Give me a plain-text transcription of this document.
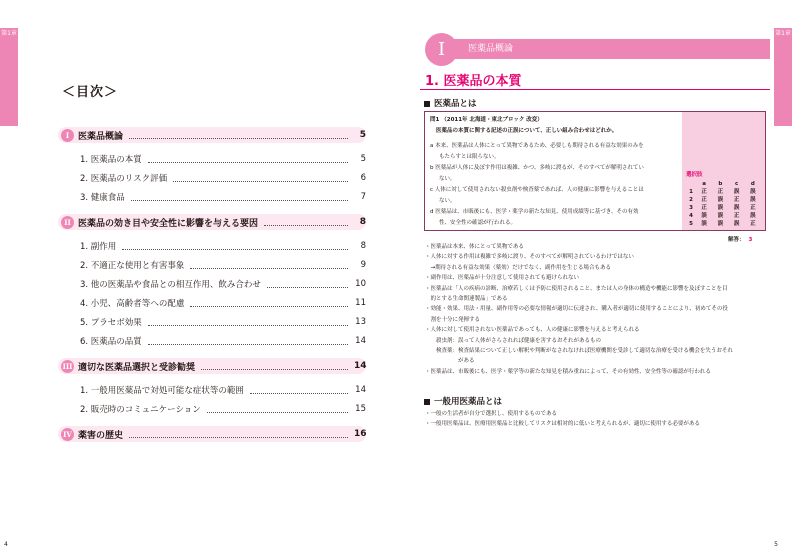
第1章
＜目次＞
I 医薬品概論	5
1. 医薬品の本質	5
2. 医薬品のリスク評価	6
3. 健康食品	7
II 医薬品の効き目や安全性に影響を与える要因	8
1. 副作用	8
2. 不適正な使用と有害事象	9
3. 他の医薬品や食品との相互作用、飲み合わせ	10
4. 小児、高齢者等への配慮	11
5. プラセボ効果	13
6. 医薬品の品質	14
III 適切な医薬品選択と受診勧奨	14
1. 一般用医薬品で対処可能な症状等の範囲	14
2. 販売時のコミュニケーション	15
IV 薬害の歴史	16
4
第1章
医薬品概論
I
1. 医薬品の本質
医薬品とは
問1 （2011年 北海道・東北ブロック 改変）
医薬品の本質に関する記述の正誤について、正しい組み合わせはどれか。
a 本来、医薬品は人体にとって異物であるため、必要しも期待される有益な効果のみを
もたらすとは限らない。
b 医薬品が人体に及ぼす作用は複雑、かつ、多岐に渡るが、そのすべてが解明されてい
ない。
c 人体に対して使用されない殺虫剤や検査薬であれば、人の健康に影響を与えることは
ない。
d 医薬品は、市販後にも、医学・薬学の新たな知見、使用成績等に基づき、その有効
性、安全性の確認が行われる。
選択肢
a	b	c	d
1	正	正	誤	誤
2	正	誤	正	誤
3	正	誤	誤	正
4	誤	誤	正	誤
5	誤	誤	誤	正
解答： 3
・医薬品は本来、体にとって異物である
・人体に対する作用は複雑で多岐に渡り、そのすべてが解明されているわけではない
　→期待される有益な効果（薬効）だけでなく、副作用を生じる場合もある
・副作用は、医薬品が十分注意して使用されても避けられない
・医薬品は「人の疾病の診断、治療若しくは予防に使用されること、または人の身体の構造や機能に影響を及ぼすことを目
　的とする生命関連製品」である
・効能・効果、用法・用量、副作用等の必要な情報が適切に伝達され、購入者が適切に使用することにより、初めてその役
　割を十分に発揮する
・人体に対して使用されない医薬品であっても、人の健康に影響を与えると考えられる
　　殺虫剤：誤って人体がさらされれば健康を害するおそれがあるもの
　　検査薬：検査結果について正しい解釈や判断がなされなければ医療機関を受診して適切な治療を受ける機会を失うおそれ
　　　　　　がある
・医薬品は、市販後にも、医学・薬学等の新たな知見を積み重ねによって、その有効性、安全性等の確認が行われる
一般用医薬品とは
・一般の生活者が自分で選択し、使用するものである
・一般用医薬品は、医療用医薬品と比較してリスクは相対的に低いと考えられるが、適切に使用する必要がある
5
